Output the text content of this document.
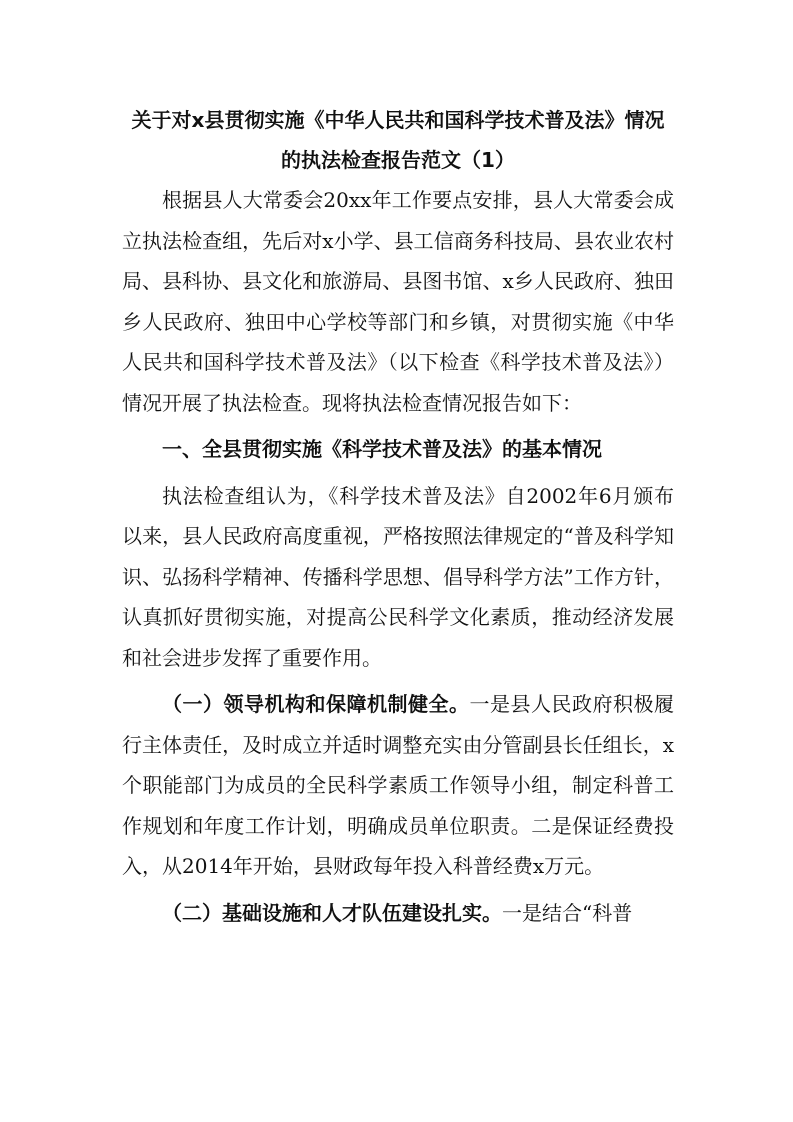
关于对x县贯彻实施《中华人民共和国科学技术普及法》情况的执法检查报告范文（1）

根据县人大常委会20xx年工作要点安排，县人大常委会成立执法检查组，先后对x小学、县工信商务科技局、县农业农村局、县科协、县文化和旅游局、县图书馆、x乡人民政府、独田乡人民政府、独田中心学校等部门和乡镇，对贯彻实施《中华人民共和国科学技术普及法》（以下检查《科学技术普及法》）情况开展了执法检查。现将执法检查情况报告如下：

一、全县贯彻实施《科学技术普及法》的基本情况

执法检查组认为，《科学技术普及法》自2002年6月颁布以来，县人民政府高度重视，严格按照法律规定的“普及科学知识、弘扬科学精神、传播科学思想、倡导科学方法”工作方针，认真抓好贯彻实施，对提高公民科学文化素质，推动经济发展和社会进步发挥了重要作用。

（一）领导机构和保障机制健全。一是县人民政府积极履行主体责任，及时成立并适时调整充实由分管副县长任组长，x个职能部门为成员的全民科学素质工作领导小组，制定科普工作规划和年度工作计划，明确成员单位职责。二是保证经费投入，从2014年开始，县财政每年投入科普经费x万元。

（二）基础设施和人才队伍建设扎实。一是结合“科普
